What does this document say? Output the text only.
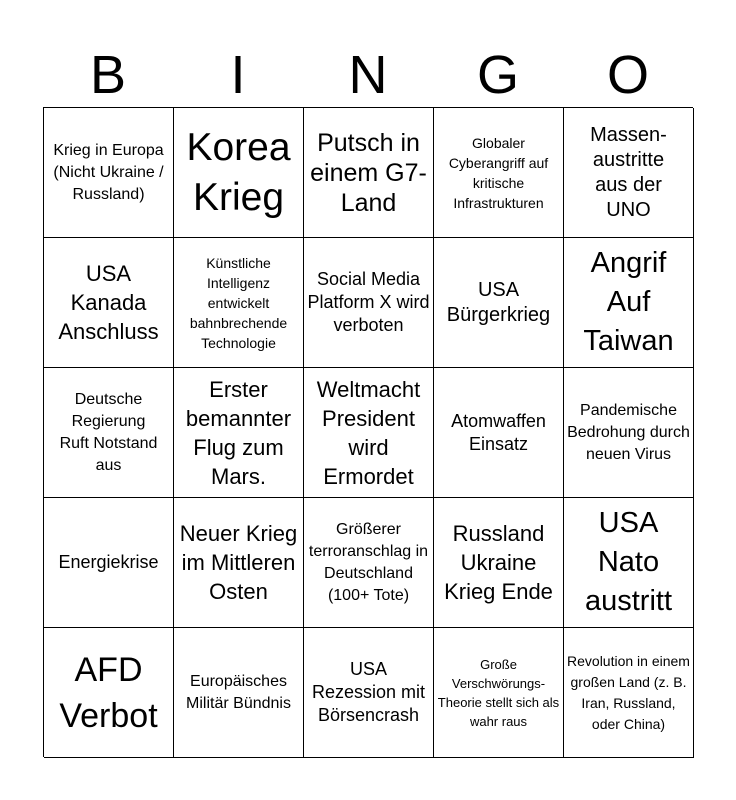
B	I	N	G	O
Krieg in Europa (Nicht Ukraine / Russland)
Korea Krieg
Putsch in einem G7-Land
Globaler Cyberangriff auf kritische Infrastrukturen
Massen-austritte aus der UNO
USA Kanada Anschluss
Künstliche Intelligenz entwickelt bahnbrechende Technologie
Social Media Platform X wird verboten
USA Bürgerkrieg
Angrif Auf Taiwan
Deutsche Regierung Ruft Notstand aus
Erster bemannter Flug zum Mars.
Weltmacht President wird Ermordet
Atomwaffen Einsatz
Pandemische Bedrohung durch neuen Virus
Energiekrise
Neuer Krieg im Mittleren Osten
Größerer terroranschlag in Deutschland (100+ Tote)
Russland Ukraine Krieg Ende
USA Nato austritt
AFD Verbot
Europäisches Militär Bündnis
USA Rezession mit Börsencrash
Große Verschwörungs-Theorie stellt sich als wahr raus
Revolution in einem großen Land (z. B. Iran, Russland, oder China)
